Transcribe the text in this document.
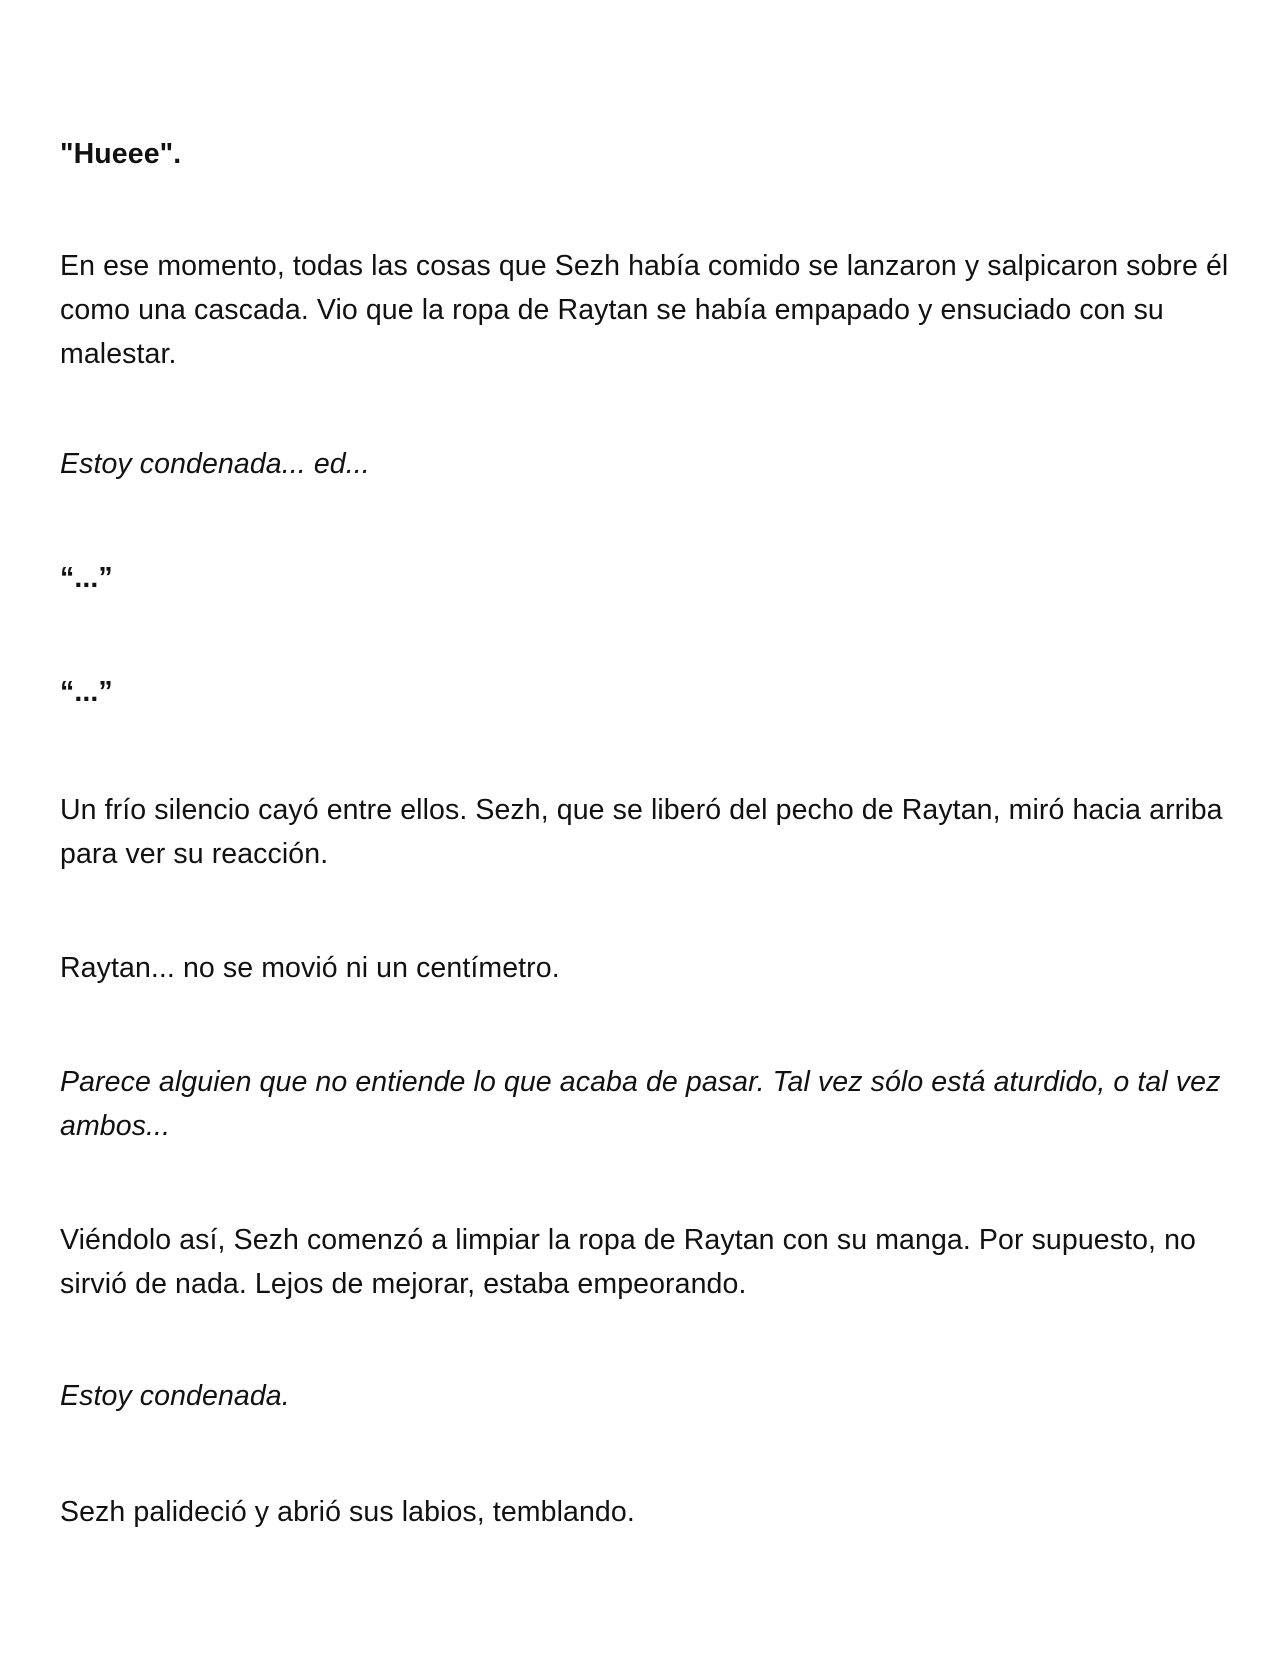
"Hueee".

En ese momento, todas las cosas que Sezh había comido se lanzaron y salpicaron sobre él como una cascada. Vio que la ropa de Raytan se había empapado y ensuciado con su malestar.

Estoy condenada... ed...

“...”

“...”

Un frío silencio cayó entre ellos. Sezh, que se liberó del pecho de Raytan, miró hacia arriba para ver su reacción.

Raytan... no se movió ni un centímetro.

Parece alguien que no entiende lo que acaba de pasar. Tal vez sólo está aturdido, o tal vez ambos...

Viéndolo así, Sezh comenzó a limpiar la ropa de Raytan con su manga. Por supuesto, no sirvió de nada. Lejos de mejorar, estaba empeorando.

Estoy condenada.

Sezh palideció y abrió sus labios, temblando.
